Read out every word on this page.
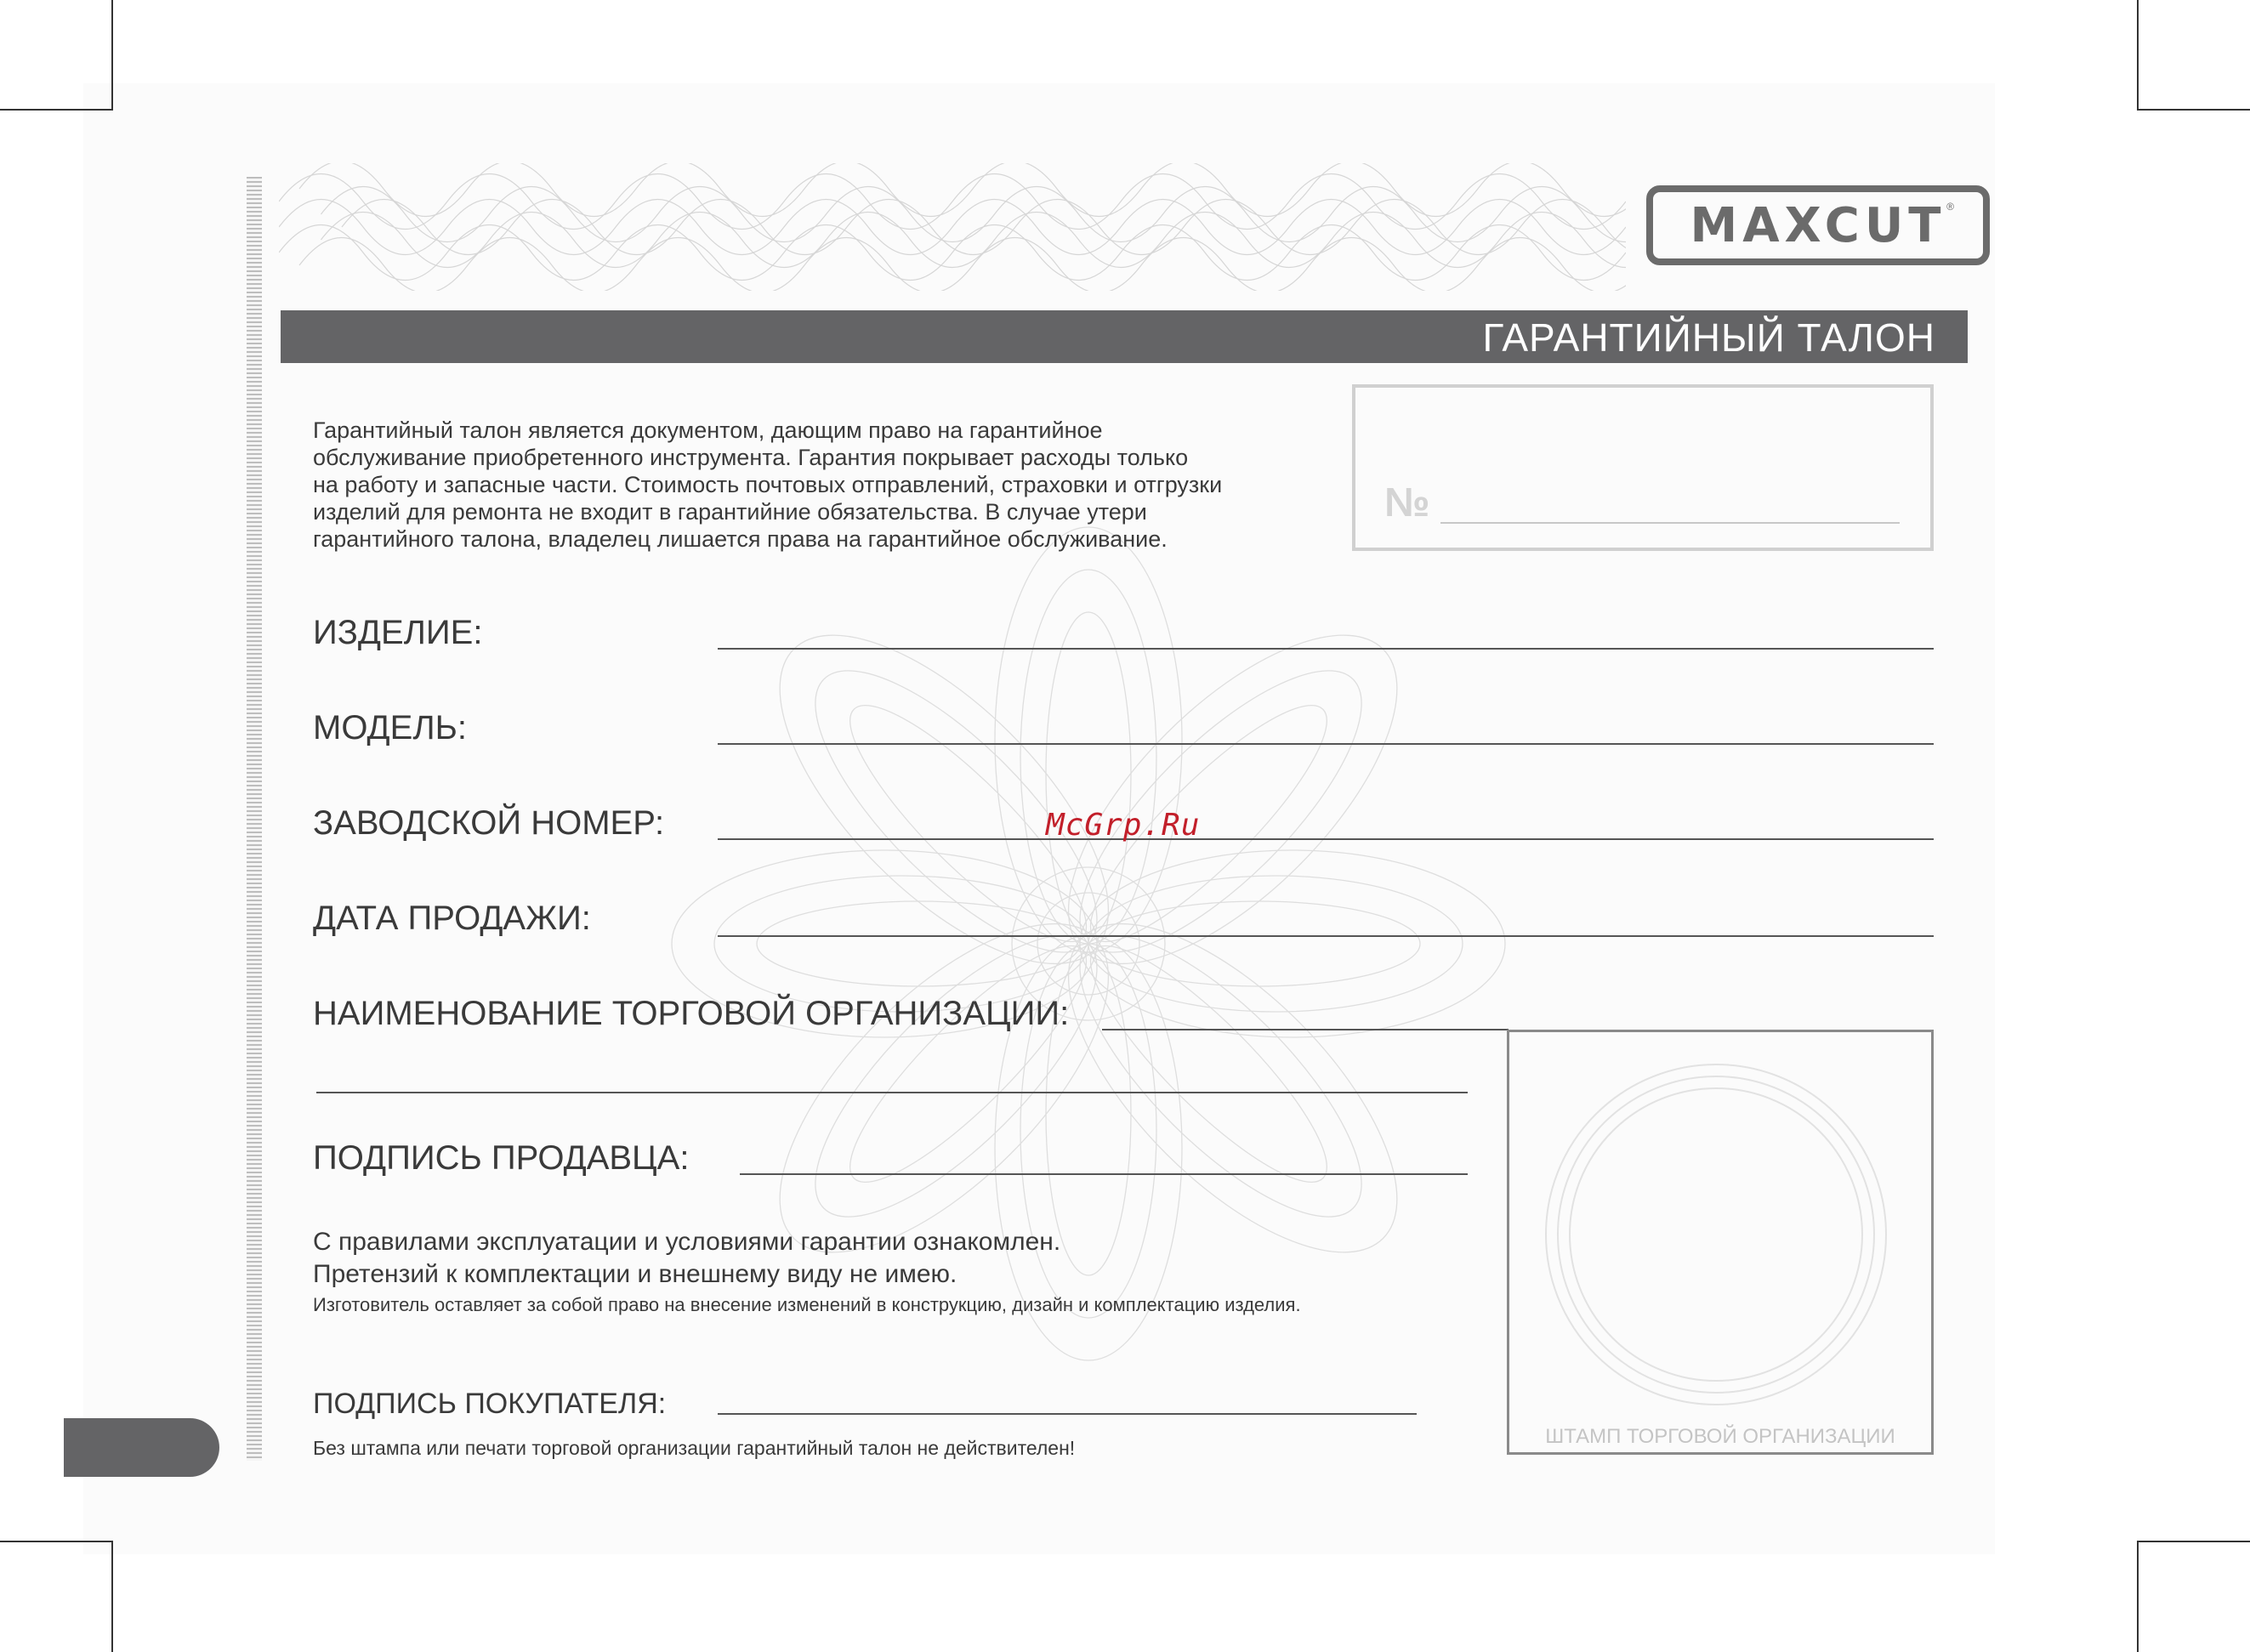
MAXCUT ®
ГАРАНТИЙНЫЙ ТАЛОН
Гарантийный талон является документом, дающим право на гарантийное
обслуживание приобретенного инструмента. Гарантия покрывает расходы только
на работу и запасные части. Стоимость почтовых отправлений, страховки и отгрузки
изделий для ремонта не входит в гарантийние обязательства. В случае утери
гарантийного талона, владелец лишается права на гарантийное обслуживание.
№
ИЗДЕЛИЕ:
МОДЕЛЬ:
ЗАВОДСКОЙ НОМЕР:
ДАТА ПРОДАЖИ:
НАИМЕНОВАНИЕ ТОРГОВОЙ ОРГАНИЗАЦИИ:
ПОДПИСЬ ПРОДАВЦА:
С правилами эксплуатации и условиями гарантии ознакомлен.
Претензий к комплектации и внешнему виду не имею.
Изготовитель оставляет за собой право на внесение изменений в конструкцию, дизайн и комплектацию изделия.
ПОДПИСЬ ПОКУПАТЕЛЯ:
Без штампа или печати торговой организации гарантийный талон не действителен!	ШТАМП ТОРГОВОЙ ОРГАНИЗАЦИИ
McGrp.Ru
